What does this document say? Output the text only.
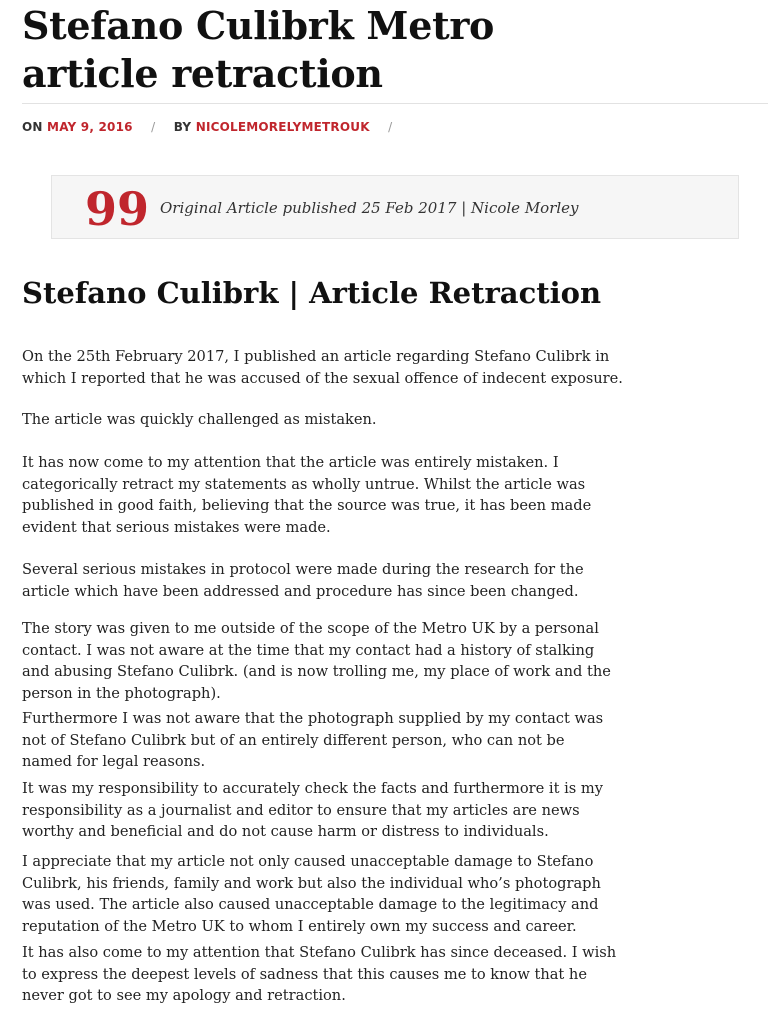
Stefano Culibrk Metro
article retraction
ON MAY 9, 2016 / BY NICOLEMORELYMETROUK /
99 Original Article published 25 Feb 2017 | Nicole Morley
Stefano Culibrk | Article Retraction

On the 25th February 2017, I published an article regarding Stefano Culibrk in
which I reported that he was accused of the sexual offence of indecent exposure.

The article was quickly challenged as mistaken.

It has now come to my attention that the article was entirely mistaken. I
categorically retract my statements as wholly untrue. Whilst the article was
published in good faith, believing that the source was true, it has been made
evident that serious mistakes were made.

Several serious mistakes in protocol were made during the research for the
article which have been addressed and procedure has since been changed.

The story was given to me outside of the scope of the Metro UK by a personal
contact. I was not aware at the time that my contact had a history of stalking
and abusing Stefano Culibrk. (and is now trolling me, my place of work and the
person in the photograph).

Furthermore I was not aware that the photograph supplied by my contact was
not of Stefano Culibrk but of an entirely different person, who can not be
named for legal reasons.

It was my responsibility to accurately check the facts and furthermore it is my
responsibility as a journalist and editor to ensure that my articles are news
worthy and beneficial and do not cause harm or distress to individuals.

I appreciate that my article not only caused unacceptable damage to Stefano
Culibrk, his friends, family and work but also the individual who’s photograph
was used. The article also caused unacceptable damage to the legitimacy and
reputation of the Metro UK to whom I entirely own my success and career.

It has also come to my attention that Stefano Culibrk has since deceased. I wish
to express the deepest levels of sadness that this causes me to know that he
never got to see my apology and retraction.
